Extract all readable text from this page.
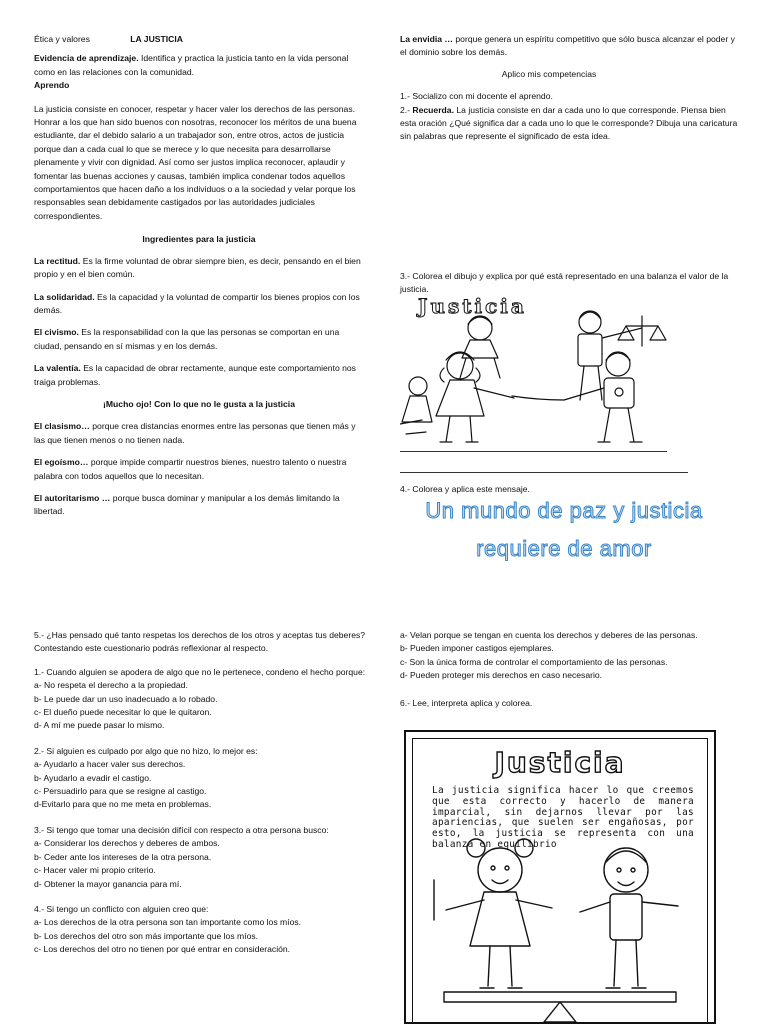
Ética y valores	LA JUSTICIA

Evidencia de aprendizaje. Identifica y practica la justicia tanto en la vida personal como en las relaciones con la comunidad.

Aprendo

La justicia consiste en conocer, respetar y hacer valer los derechos de las personas. Honrar a los que han sido buenos con nosotras, reconocer los méritos de una buena estudiante, dar el debido salario a un trabajador son, entre otros, actos de justicia porque dan a cada cual lo que se merece y lo que necesita para desarrollarse plenamente y vivir con dignidad. Así como ser justos implica reconocer, aplaudir y fomentar las buenas acciones y causas, también implica condenar todos aquellos comportamientos que hacen daño a los individuos o a la sociedad y velar porque los responsables sean debidamente castigados por las autoridades judiciales correspondientes.

Ingredientes para la justicia

La rectitud. Es la firme voluntad de obrar siempre bien, es decir, pensando en el bien propio y en el bien común.

La solidaridad. Es la capacidad y la voluntad de compartir los bienes propios con los demás.

El civismo. Es la responsabilidad con la que las personas se comportan en una ciudad, pensando en sí mismas y en los demás.

La valentía. Es la capacidad de obrar rectamente, aunque este comportamiento nos traiga problemas.

¡Mucho ojo! Con lo que no le gusta a la justicia

El clasismo… porque crea distancias enormes entre las personas que tienen más y las que tienen menos o no tienen nada.

El egoísmo… porque impide compartir nuestros bienes, nuestro talento o nuestra palabra con todos aquellos que lo necesitan.

El autoritarismo … porque busca dominar y manipular a los demás limitando la libertad.

La envidia … porque genera un espíritu competitivo que sólo busca alcanzar el poder y el dominio sobre los demás.

Aplico mis competencias

1.- Socializo con mi docente el aprendo.

2.- Recuerda. La justicia consiste en dar a cada uno lo que corresponde. Piensa bien esta oración ¿Qué significa dar a cada uno lo que le corresponde? Dibuja una caricatura sin palabras que represente el significado de esta idea.

3.- Colorea el dibujo y explica por qué está representado en una balanza el valor de la justicia.

Justicia

4.- Colorea y aplica este mensaje.

Un mundo de paz y justicia
requiere de amor

5.- ¿Has pensado qué tanto respetas los derechos de los otros y aceptas tus deberes? Contestando este cuestionario podrás reflexionar al respecto.

1.- Cuando alguien se apodera de algo que no le pertenece, condeno el hecho porque:

a- No respeta el derecho a la propiedad.

b- Le puede dar un uso inadecuado a lo robado.

c- El dueño puede necesitar lo que le quitaron.

d- A mí me puede pasar lo mismo.

2.- Si alguien es culpado por algo que no hizo, lo mejor es:

a- Ayudarlo a hacer valer sus derechos.

b- Ayudarlo a evadir el castigo.

c- Persuadirlo para que se resigne al castigo.

d-Evitarlo para que no me meta en problemas.

3.- Si tengo que tomar una decisión difícil con respecto a otra persona busco:

a- Considerar los derechos y deberes de ambos.

b- Ceder ante los intereses de la otra persona.

c- Hacer valer mi propio criterio.

d- Obtener la mayor ganancia para mí.

4.- Si tengo un conflicto con alguien creo que:

a- Los derechos de la otra persona son tan importante como los míos.

b- Los derechos del otro son más importante que los míos.

c- Los derechos del otro no tienen por qué entrar en consideración.

a- Velan porque se tengan en cuenta los derechos y deberes de las personas.

b- Pueden imponer castigos ejemplares.

c- Son la única forma de controlar el comportamiento de las personas.

d- Pueden proteger mis derechos en caso necesario.

6.- Lee, interpreta aplica y colorea.

Justicia
La justicia significa hacer lo que creemos que esta correcto y hacerlo de manera imparcial, sin dejarnos llevar por las apariencias, que suelen ser engañosas, por esto, la justicia se representa con una balanza en equilibrio
